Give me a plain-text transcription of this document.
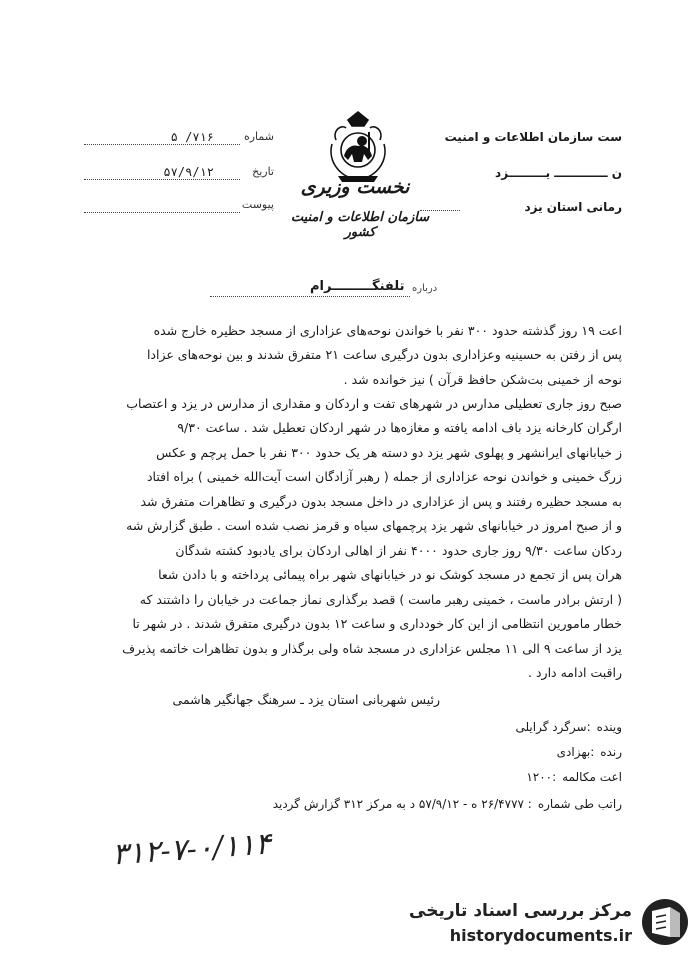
شماره
۷۱۶/ ۵
تاریخ
۵۷/۹/۱۲
پیوست
نخست وزیری
سازمان اطلاعات و امنیت کشور
ست سازمان اطلاعات و امنیت
ن ـــــــــــــ یـــــــــزد
رمانی استان یزد
درباره
تلفنگـــــــــرام
اعت ۱۹ روز گذشته حدود ۳۰۰ نفر با خواندن نوحه‌های عزاداری از مسجد حظیره خارج شده
پس از رفتن به حسینیه وعزاداری بدون درگیری ساعت ۲۱ متفرق شدند و بین نوحه‌های عزادا
نوحه از خمینی بت‌شکن حافظ قرآن ) نیز خوانده شد .
صبح روز جاری تعطیلی مدارس در شهرهای تفت و اردکان و مقداری از مدارس در یزد و اعتصاب
ارگران کارخانه یزد باف ادامه یافته و مغازه‌ها در شهر اردکان تعطیل شد . ساعت ۹/۳۰
ز خیابانهای ایرانشهر و پهلوی شهر یزد دو دسته هر یک حدود ۳۰۰ نفر با حمل پرچم و عکس
زرگ خمینی و خواندن نوحه عزاداری از جمله ( رهبر آزادگان است آیت‌الله خمینی ) براه افتاد
به مسجد حظیره رفتند و پس از عزاداری در داخل مسجد بدون درگیری و تظاهرات متفرق شد
و از صبح امروز در خیابانهای شهر یزد پرچمهای سیاه و قرمز نصب شده است . طبق گزارش شه
ردکان ساعت ۹/۳۰ روز جاری حدود ۴۰۰۰ نفر از اهالی اردکان برای یادبود کشته شدگان
هران پس از تجمع در مسجد کوشک نو در خیابانهای شهر براه پیمائی پرداخته و با دادن شعا
( ارتش برادر ماست ، خمینی رهبر ماست ) قصد برگذاری نماز جماعت در خیابان را داشتند که
خطار مامورین انتظامی از این کار خودداری و ساعت ۱۲ بدون درگیری متفرق شدند . در شهر تا
یزد از ساعت ۹ الی ۱۱ مجلس عزاداری در مسجد شاه ولی برگذار و بدون تظاهرات خاتمه پذیرف
راقبت ادامه دارد .
رئیس شهربانی استان یزد ـ سرهنگ جهانگیر هاشمی
وینده:سرگرد گرایلی
رنده:بهزادی
اعت مکالمه:۱۲۰۰
راتب طی شماره: ۲۶/۴۷۷۷ ه - ۵۷/۹/۱۲ د به مرکز ۳۱۲ گزارش گردید
۳۱۲-۷-۰/۱۱۴
مرکز بررسی اسناد تاریخی
historydocuments.ir
